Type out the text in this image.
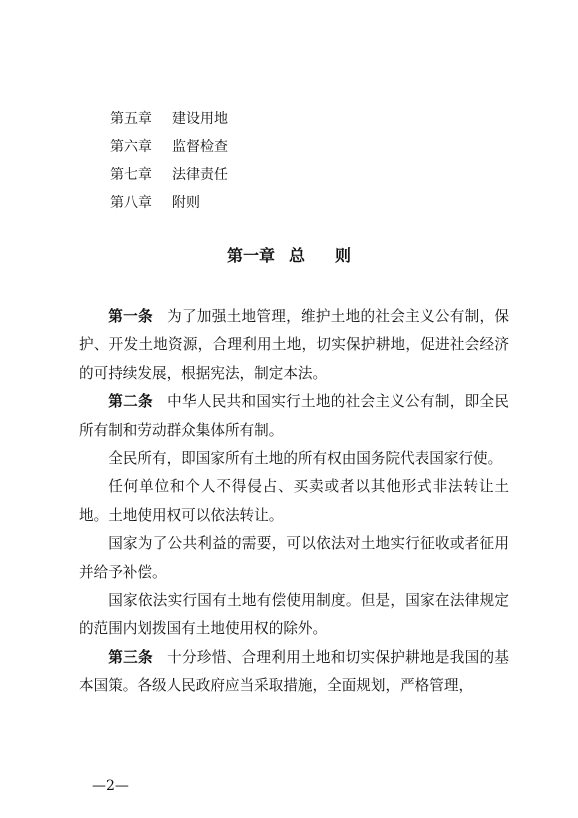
第五章 建设用地
第六章 监督检查
第七章 法律责任
第八章 附则
第一章 总 则

第一条 为了加强土地管理，维护土地的社会主义公有制，保护、开发土地资源，合理利用土地，切实保护耕地，促进社会经济的可持续发展，根据宪法，制定本法。

第二条 中华人民共和国实行土地的社会主义公有制，即全民所有制和劳动群众集体所有制。

全民所有，即国家所有土地的所有权由国务院代表国家行使。

任何单位和个人不得侵占、买卖或者以其他形式非法转让土地。土地使用权可以依法转让。

国家为了公共利益的需要，可以依法对土地实行征收或者征用并给予补偿。

国家依法实行国有土地有偿使用制度。但是，国家在法律规定的范围内划拨国有土地使用权的除外。

第三条 十分珍惜、合理利用土地和切实保护耕地是我国的基本国策。各级人民政府应当采取措施，全面规划，严格管理，

—2—
